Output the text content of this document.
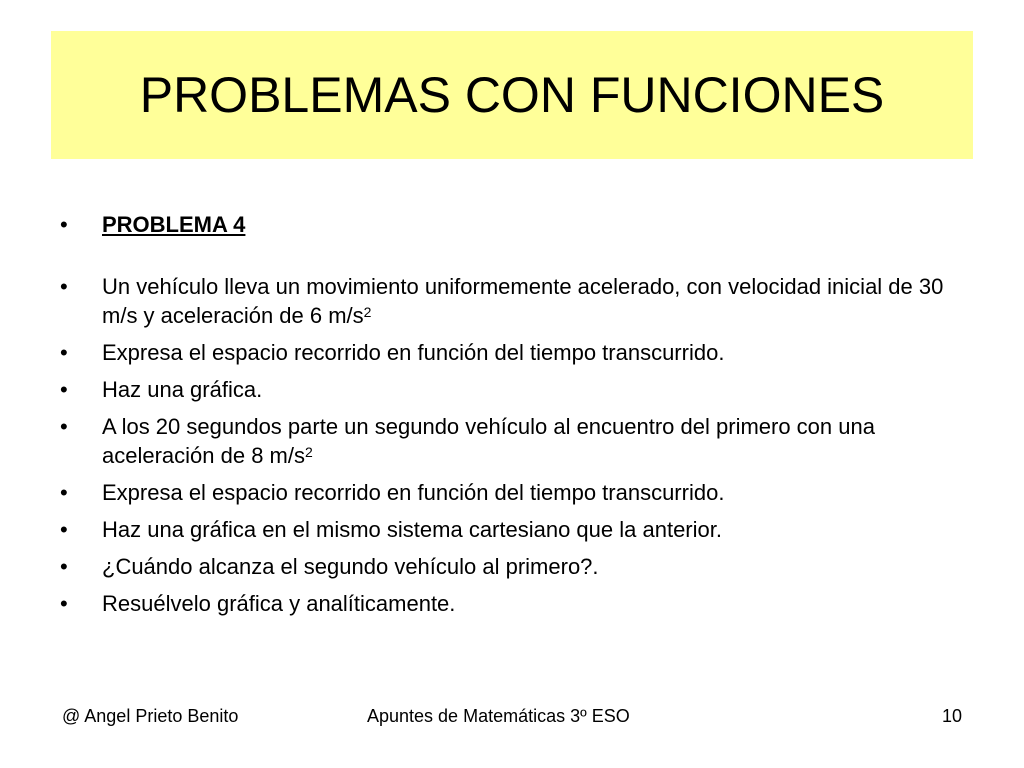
PROBLEMAS CON FUNCIONES
• PROBLEMA 4
• Un vehículo lleva un movimiento uniformemente acelerado, con velocidad inicial de 30 m/s y aceleración de 6 $m/s^2$
• Expresa el espacio recorrido en función del tiempo transcurrido.
• Haz una gráfica.
• A los 20 segundos parte un segundo vehículo al encuentro del primero con una aceleración de 8 $m/s^2$
• Expresa el espacio recorrido en función del tiempo transcurrido.
• Haz una gráfica en el mismo sistema cartesiano que la anterior.
• ¿Cuándo alcanza el segundo vehículo al primero?.
• Resuélvelo gráfica y analíticamente.
@ Angel Prieto Benito	Apuntes de Matemáticas 3º ESO	10
